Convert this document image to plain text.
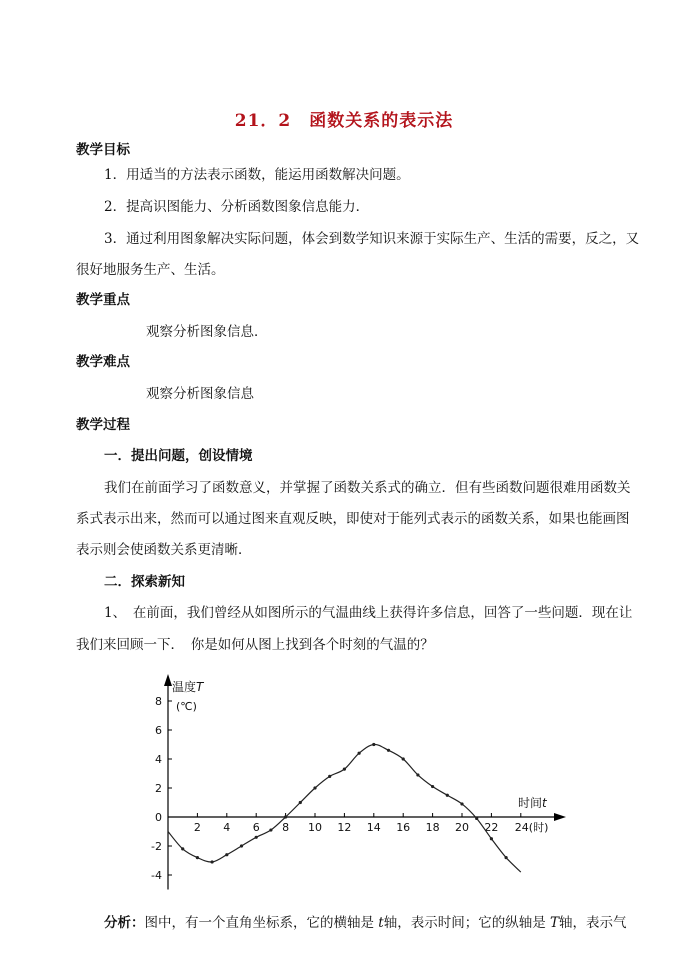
21．2　函数关系的表示法
教学目标
1．用适当的方法表示函数，能运用函数解决问题。
2．提高识图能力、分析函数图象信息能力．
3．通过利用图象解决实际问题，体会到数学知识来源于实际生产、生活的需要，反之，又
很好地服务生产、生活。
教学重点
观察分析图象信息．
教学难点
观察分析图象信息
教学过程
一．提出问题，创设情境
我们在前面学习了函数意义，并掌握了函数关系式的确立．但有些函数问题很难用函数关
系式表示出来，然而可以通过图来直观反映，即使对于能列式表示的函数关系，如果也能画图
表示则会使函数关系更清晰．
二．探索新知
1、　在前面，我们曾经从如图所示的气温曲线上获得许多信息，回答了一些问题．现在让
我们来回顾一下．　你是如何从图上找到各个时刻的气温的？
-4
-2
0
2
4
6
8
2 4 6 8 10 12 14 16 18 20 22 24(时)
温度T
(℃)
时间t
分析：图中，有一个直角坐标系，它的横轴是 t轴，表示时间；它的纵轴是 T轴，表示气
